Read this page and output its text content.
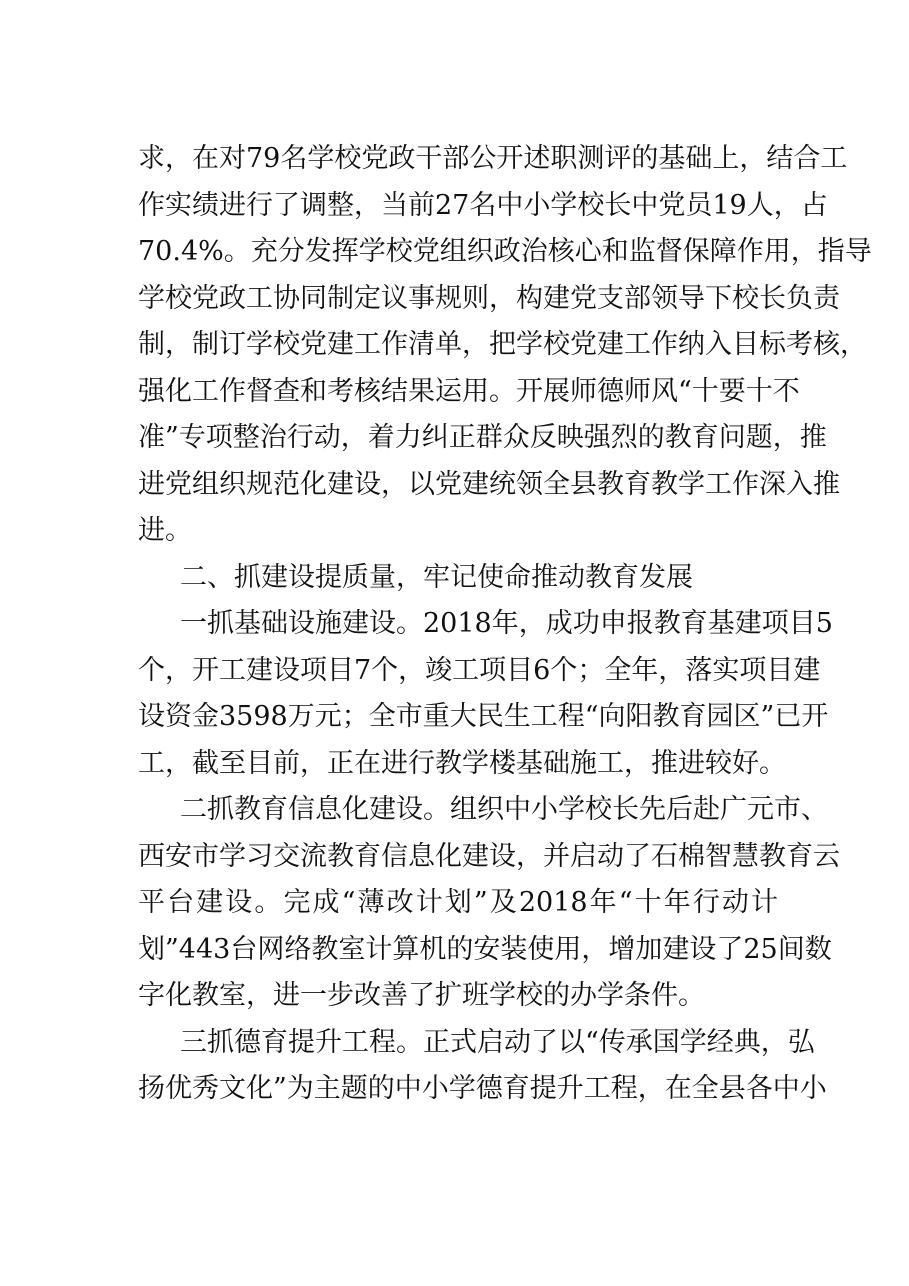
求，在对79名学校党政干部公开述职测评的基础上，结合工
作实绩进行了调整，当前27名中小学校长中党员19人，占
70.4%。充分发挥学校党组织政治核心和监督保障作用，指导
学校党政工协同制定议事规则，构建党支部领导下校长负责
制，制订学校党建工作清单，把学校党建工作纳入目标考核，
强化工作督查和考核结果运用。开展师德师风“十要十不
准”专项整治行动，着力纠正群众反映强烈的教育问题，推
进党组织规范化建设，以党建统领全县教育教学工作深入推
进。
二、抓建设提质量，牢记使命推动教育发展
一抓基础设施建设。2018年，成功申报教育基建项目5
个，开工建设项目7个，竣工项目6个；全年，落实项目建
设资金3598万元；全市重大民生工程“向阳教育园区”已开
工，截至目前，正在进行教学楼基础施工，推进较好。
二抓教育信息化建设。组织中小学校长先后赴广元市、
西安市学习交流教育信息化建设，并启动了石棉智慧教育云
平台建设。完成“薄改计划”及2018年“十年行动计
划”443台网络教室计算机的安装使用，增加建设了25间数
字化教室，进一步改善了扩班学校的办学条件。
三抓德育提升工程。正式启动了以“传承国学经典，弘
扬优秀文化”为主题的中小学德育提升工程，在全县各中小
